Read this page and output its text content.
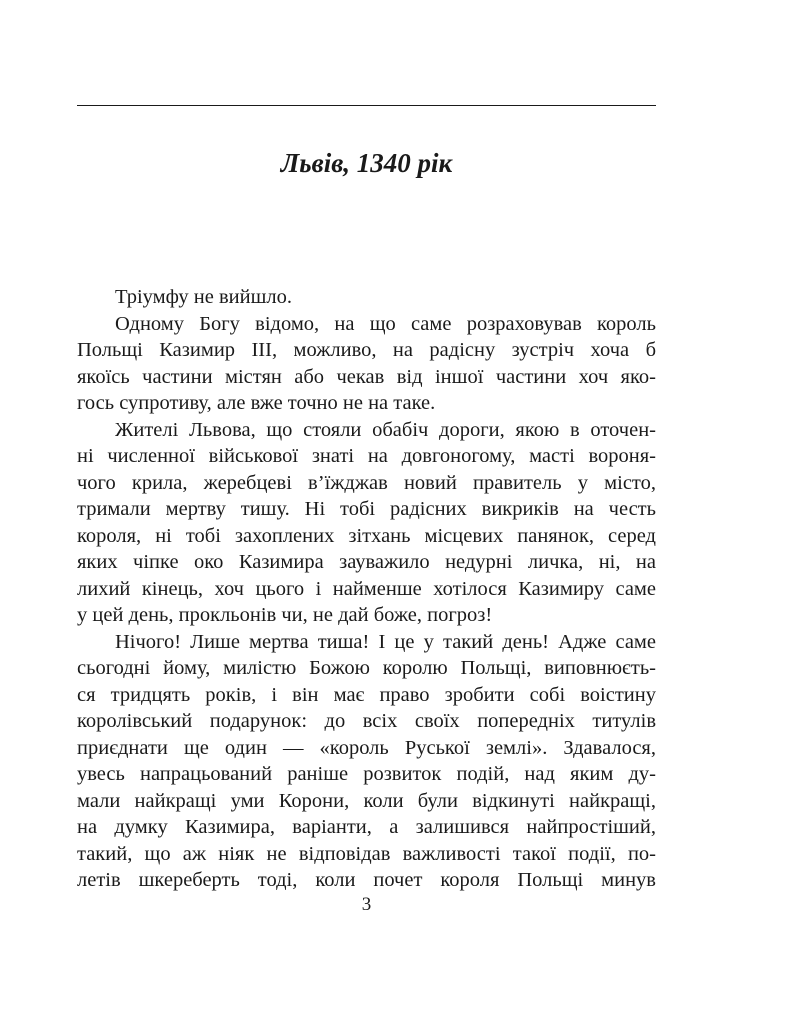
Львів, 1340 рік
Тріумфу не вийшло.
Одному Богу відомо, на що саме розраховував король
Польщі Казимир III, можливо, на радісну зустріч хоча б
якоїсь частини містян або чекав від іншої частини хоч яко-
гось супротиву, але вже точно не на таке.
Жителі Львова, що стояли обабіч дороги, якою в оточен-
ні численної військової знаті на довгоногому, масті вороня-
чого крила, жеребцеві в’їжджав новий правитель у місто,
тримали мертву тишу. Ні тобі радісних викриків на честь
короля, ні тобі захоплених зітхань місцевих панянок, серед
яких чіпке око Казимира зауважило недурні личка, ні, на
лихий кінець, хоч цього і найменше хотілося Казимиру саме
у цей день, прокльонів чи, не дай боже, погроз!
Нічого! Лише мертва тиша! І це у такий день! Адже саме
сьогодні йому, милістю Божою королю Польщі, виповнюєть-
ся тридцять років, і він має право зробити собі воістину
королівський подарунок: до всіх своїх попередніх титулів
приєднати ще один — «король Руської землі». Здавалося,
увесь напрацьований раніше розвиток подій, над яким ду-
мали найкращі уми Корони, коли були відкинуті найкращі,
на думку Казимира, варіанти, а залишився найпростіший,
такий, що аж ніяк не відповідав важливості такої події, по-
летів шкереберть тоді, коли почет короля Польщі минув
3
